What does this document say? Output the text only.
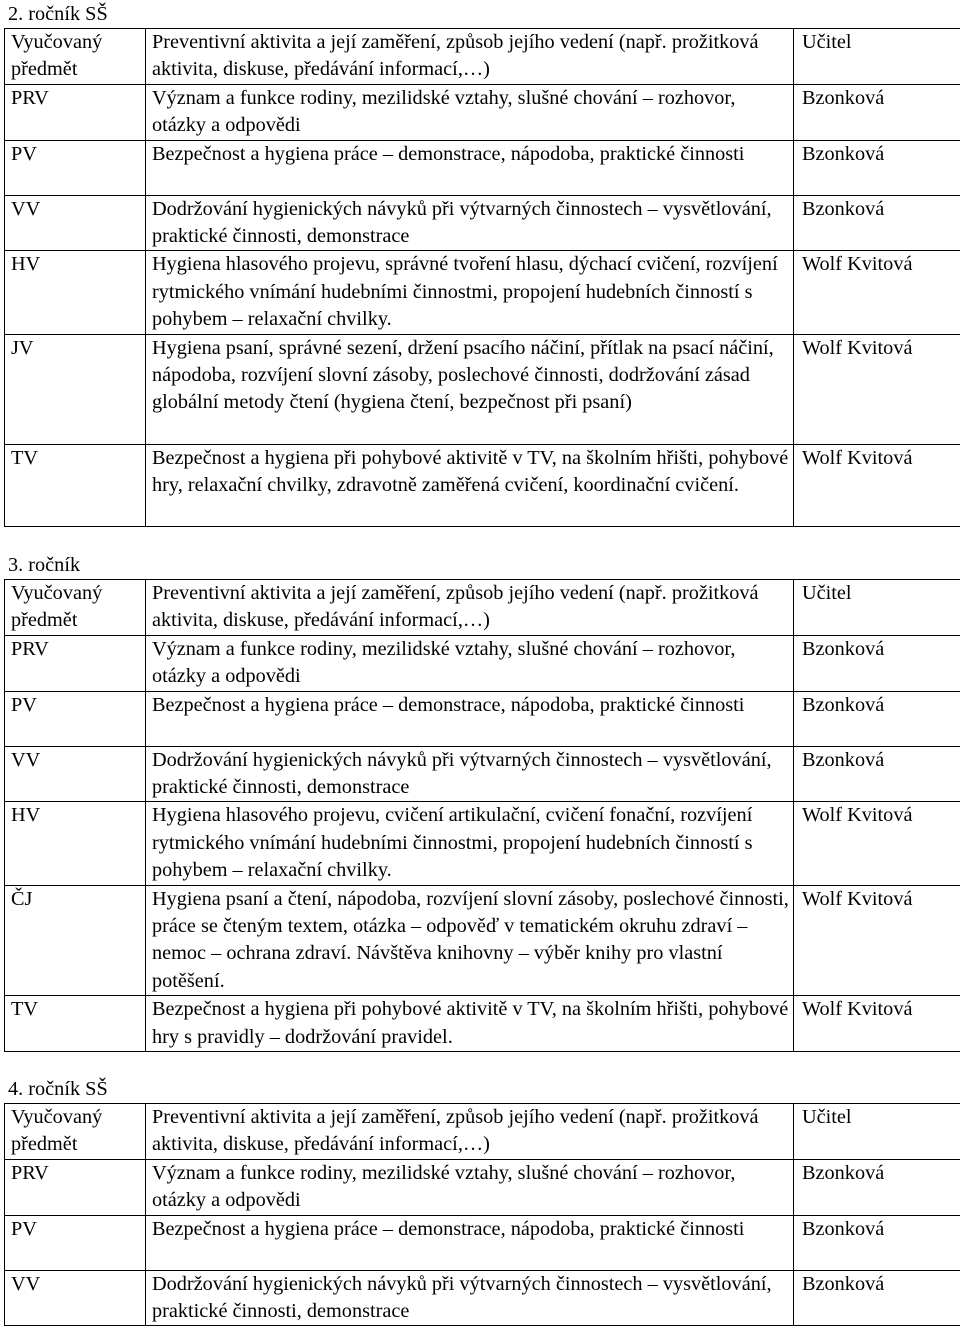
2. ročník SŠ
Vyučovaný předmět	Preventivní aktivita a její zaměření, způsob jejího vedení (např. prožitková aktivita, diskuse, předávání informací,…)	Učitel
PRV	Význam a funkce rodiny, mezilidské vztahy, slušné chování – rozhovor, otázky a odpovědi	Bzonková
PV	Bezpečnost a hygiena práce – demonstrace, nápodoba, praktické činnosti	Bzonková
VV	Dodržování hygienických návyků při výtvarných činnostech – vysvětlování, praktické činnosti, demonstrace	Bzonková
HV	Hygiena hlasového projevu, správné tvoření hlasu, dýchací cvičení, rozvíjení rytmického vnímání hudebními činnostmi, propojení hudebních činností s pohybem – relaxační chvilky.	Wolf Kvitová
JV	Hygiena psaní, správné sezení, držení psacího náčiní, přítlak na psací náčiní, nápodoba, rozvíjení slovní zásoby, poslechové činnosti, dodržování zásad globální metody čtení (hygiena čtení, bezpečnost při psaní)	Wolf Kvitová
TV	Bezpečnost a hygiena při pohybové aktivitě v TV, na školním hřišti, pohybové hry, relaxační chvilky, zdravotně zaměřená cvičení, koordinační cvičení.	Wolf Kvitová
3. ročník
Vyučovaný předmět	Preventivní aktivita a její zaměření, způsob jejího vedení (např. prožitková aktivita, diskuse, předávání informací,…)	Učitel
PRV	Význam a funkce rodiny, mezilidské vztahy, slušné chování – rozhovor, otázky a odpovědi	Bzonková
PV	Bezpečnost a hygiena práce – demonstrace, nápodoba, praktické činnosti	Bzonková
VV	Dodržování hygienických návyků při výtvarných činnostech – vysvětlování, praktické činnosti, demonstrace	Bzonková
HV	Hygiena hlasového projevu, cvičení artikulační, cvičení fonační, rozvíjení rytmického vnímání hudebními činnostmi, propojení hudebních činností s pohybem – relaxační chvilky.	Wolf Kvitová
ČJ	Hygiena psaní a čtení, nápodoba, rozvíjení slovní zásoby, poslechové činnosti, práce se čteným textem, otázka – odpověď v tematickém okruhu zdraví – nemoc – ochrana zdraví. Návštěva knihovny – výběr knihy pro vlastní potěšení.	Wolf Kvitová
TV	Bezpečnost a hygiena při pohybové aktivitě v TV, na školním hřišti, pohybové hry s pravidly – dodržování pravidel.	Wolf Kvitová
4. ročník SŠ
Vyučovaný předmět	Preventivní aktivita a její zaměření, způsob jejího vedení (např. prožitková aktivita, diskuse, předávání informací,…)	Učitel
PRV	Význam a funkce rodiny, mezilidské vztahy, slušné chování – rozhovor, otázky a odpovědi	Bzonková
PV	Bezpečnost a hygiena práce – demonstrace, nápodoba, praktické činnosti	Bzonková
VV	Dodržování hygienických návyků při výtvarných činnostech – vysvětlování, praktické činnosti, demonstrace	Bzonková
